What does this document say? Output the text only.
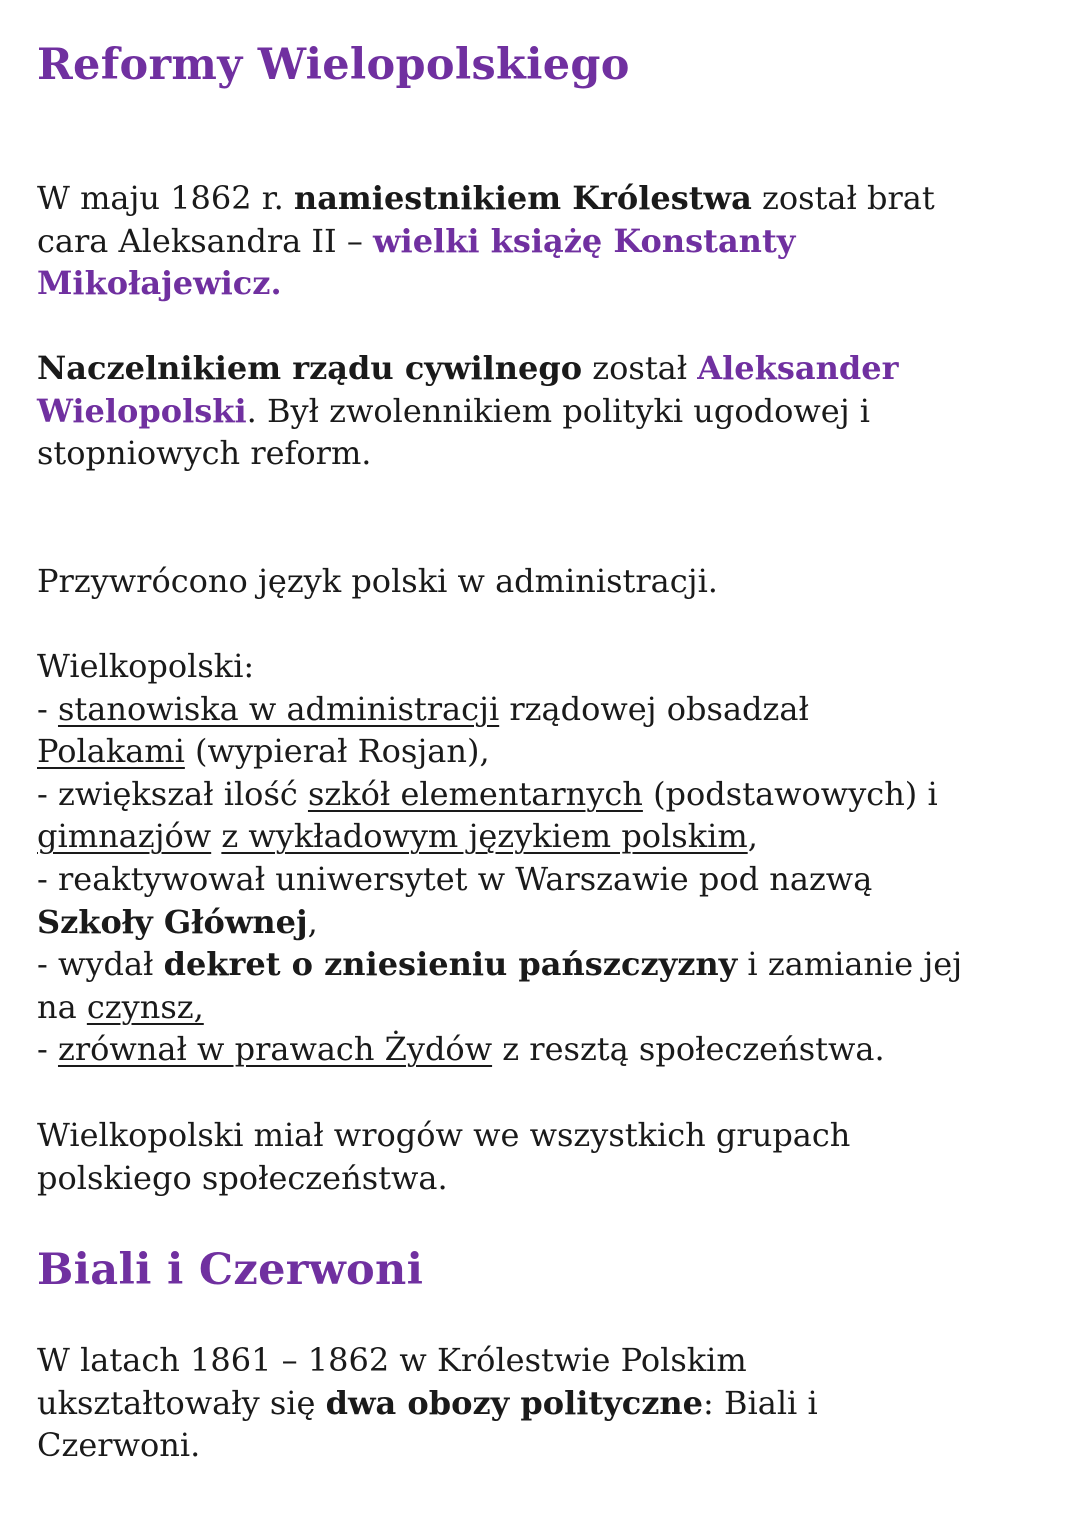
Reformy Wielopolskiego

W maju 1862 r. namiestnikiem Królestwa został brat
cara Aleksandra II – wielki książę Konstanty
Mikołajewicz.

Naczelnikiem rządu cywilnego został Aleksander
Wielopolski. Był zwolennikiem polityki ugodowej i
stopniowych reform.

Przywrócono język polski w administracji.

Wielkopolski:
- stanowiska w administracji rządowej obsadzał
Polakami (wypierał Rosjan),
- zwiększał ilość szkół elementarnych (podstawowych) i
gimnazjów z wykładowym językiem polskim,
- reaktywował uniwersytet w Warszawie pod nazwą
Szkoły Głównej,
- wydał dekret o zniesieniu pańszczyzny i zamianie jej
na czynsz,
- zrównał w prawach Żydów z resztą społeczeństwa.

Wielkopolski miał wrogów we wszystkich grupach
polskiego społeczeństwa.

Biali i Czerwoni

W latach 1861 – 1862 w Królestwie Polskim
ukształtowały się dwa obozy polityczne: Biali i
Czerwoni.
